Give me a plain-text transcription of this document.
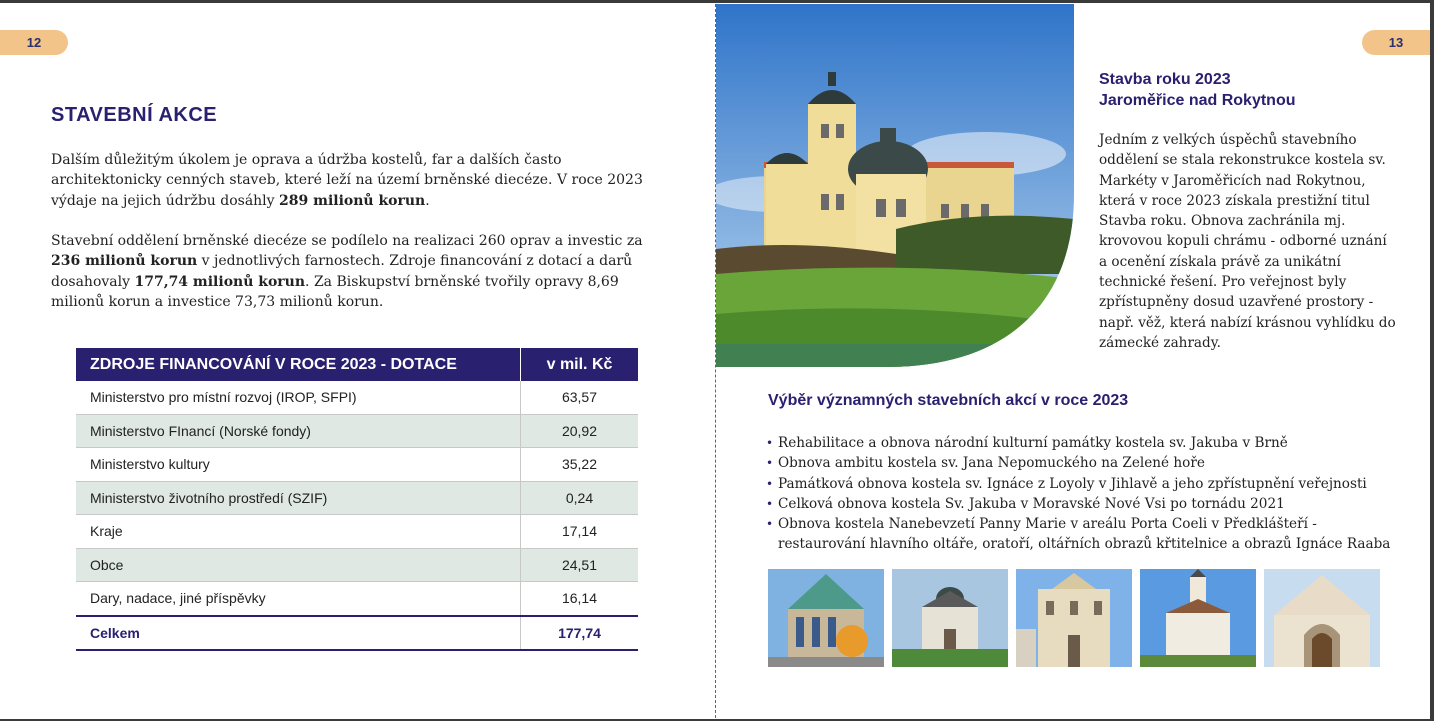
12	13
STAVEBNÍ AKCE
Dalším důležitým úkolem je oprava a údržba kostelů, far a dalších často architektonicky cenných staveb, které leží na území brněnské diecéze. V roce 2023 výdaje na jejich údržbu dosáhly 289 milionů korun.
Stavební oddělení brněnské diecéze se podílelo na realizaci 260 oprav a investic za 236 milionů korun v jednotlivých farnostech. Zdroje financování z dotací a darů dosahovaly 177,74 milionů korun. Za Biskupství brněnské tvořily opravy 8,69 milionů korun a investice 73,73 milionů korun.
ZDROJE FINANCOVÁNÍ V ROCE 2023 - DOTACE	v mil. Kč
Ministerstvo pro místní rozvoj (IROP, SFPI)	63,57
Ministerstvo FInancí (Norské fondy)	20,92
Ministerstvo kultury	35,22
Ministerstvo životního prostředí (SZIF)	0,24
Kraje	17,14
Obce	24,51
Dary, nadace, jiné příspěvky	16,14
Celkem	177,74
Stavba roku 2023
Jaroměřice nad Rokytnou
Jedním z velkých úspěchů stavebního oddělení se stala rekonstrukce kostela sv. Markéty v Jaroměřicích nad Rokytnou, která v roce 2023 získala prestižní titul Stavba roku. Obnova zachránila mj. krovovou kopuli chrámu - odborné uznání a ocenění získala právě za unikátní technické řešení. Pro veřejnost byly zpřístupněny dosud uzavřené prostory - např. věž, která nabízí krásnou vyhlídku do zámecké zahrady.
Výběr významných stavebních akcí v roce 2023
• Rehabilitace a obnova národní kulturní památky kostela sv. Jakuba v Brně
• Obnova ambitu kostela sv. Jana Nepomuckého na Zelené hoře
• Památková obnova kostela sv. Ignáce z Loyoly v Jihlavě a jeho zpřístupnění veřejnosti
• Celková obnova kostela Sv. Jakuba v Moravské Nové Vsi po tornádu 2021
• Obnova kostela Nanebevzetí Panny Marie v areálu Porta Coeli v Předklášteří - restaurování hlavního oltáře, oratoří, oltářních obrazů křtitelnice a obrazů Ignáce Raaba
